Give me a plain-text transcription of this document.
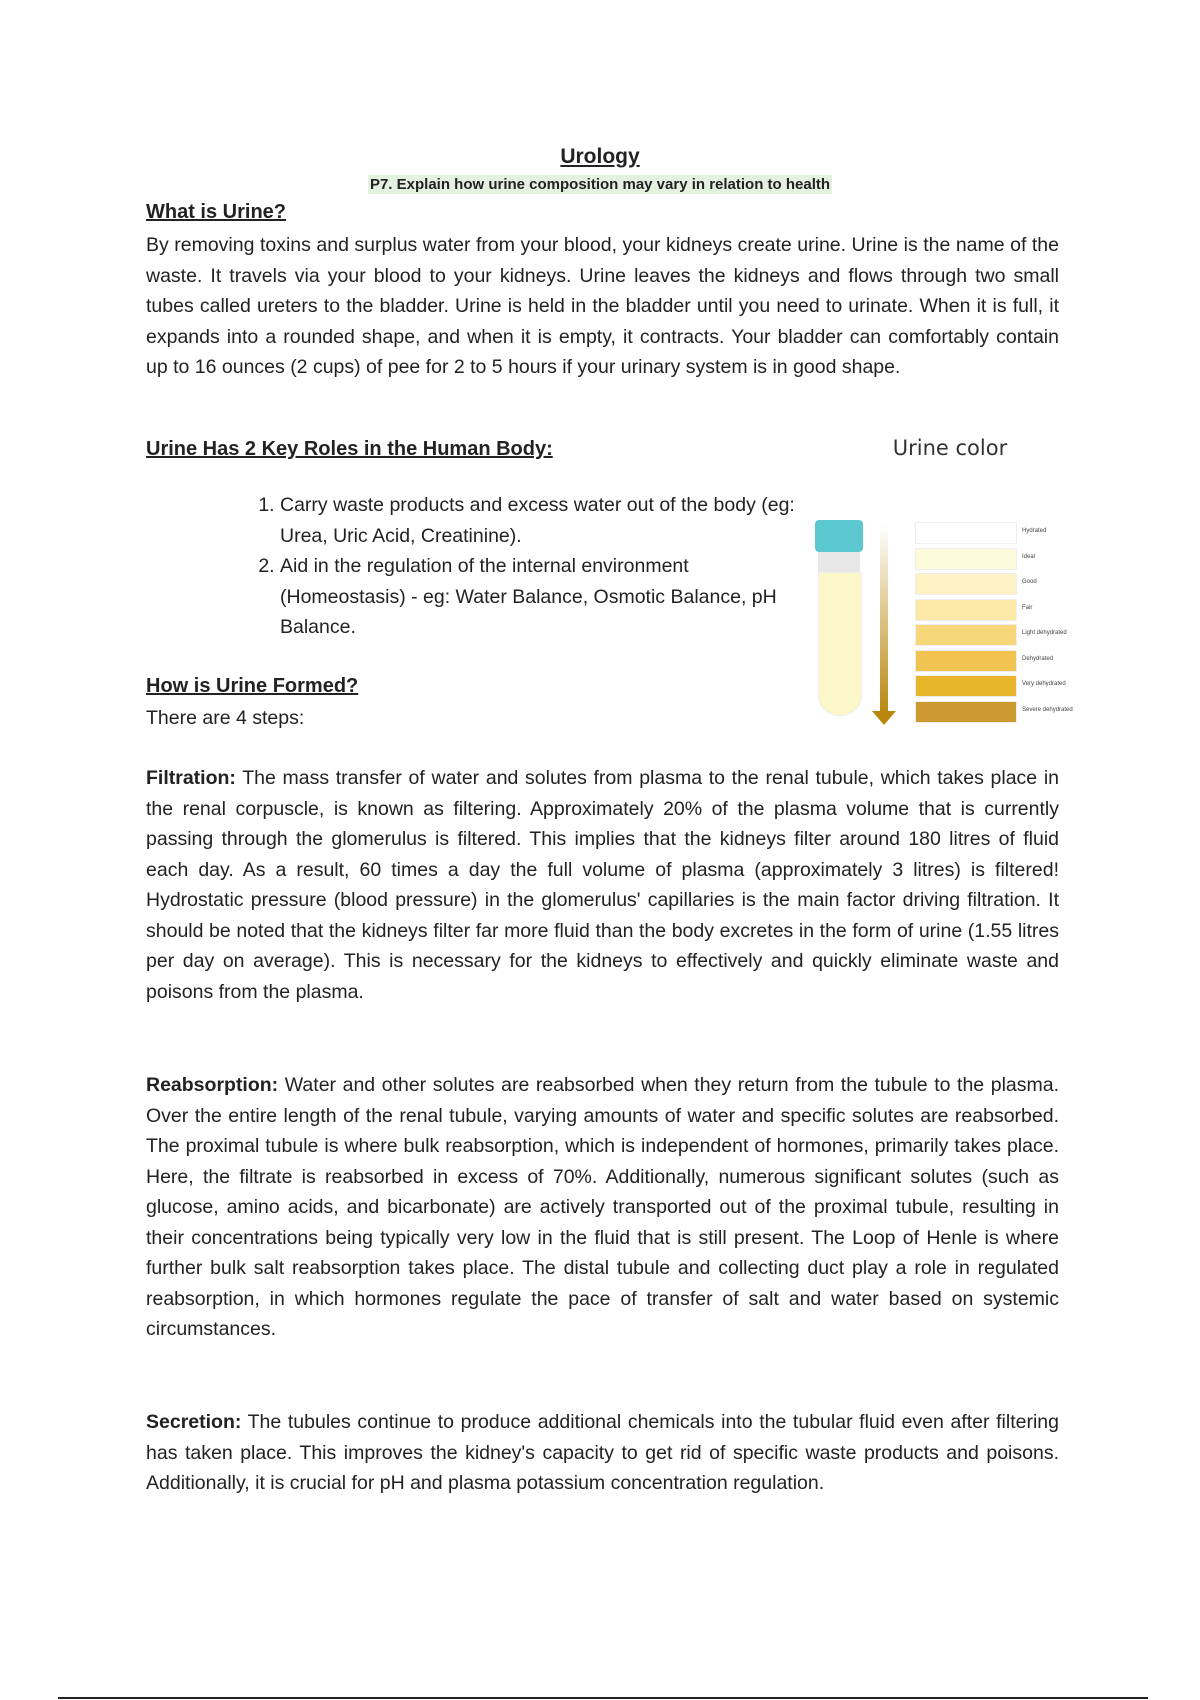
Urology
P7. Explain how urine composition may vary in relation to health
What is Urine?
By removing toxins and surplus water from your blood, your kidneys create urine. Urine is the name of the waste. It travels via your blood to your kidneys. Urine leaves the kidneys and flows through two small tubes called ureters to the bladder. Urine is held in the bladder until you need to urinate. When it is full, it expands into a rounded shape, and when it is empty, it contracts. Your bladder can comfortably contain up to 16 ounces (2 cups) of pee for 2 to 5 hours if your urinary system is in good shape.
Urine Has 2 Key Roles in the Human Body:
1. Carry waste products and excess water out of the body (eg: Urea, Uric Acid, Creatinine).
2. Aid in the regulation of the internal environment (Homeostasis) - eg: Water Balance, Osmotic Balance, pH Balance.
Urine color
Hydrated
Ideal
Good
Fair
Light dehydrated
Dehydrated
Very dehydrated
Severe dehydrated
How is Urine Formed?
There are 4 steps:
Filtration: The mass transfer of water and solutes from plasma to the renal tubule, which takes place in the renal corpuscle, is known as filtering. Approximately 20% of the plasma volume that is currently passing through the glomerulus is filtered. This implies that the kidneys filter around 180 litres of fluid each day. As a result, 60 times a day the full volume of plasma (approximately 3 litres) is filtered! Hydrostatic pressure (blood pressure) in the glomerulus' capillaries is the main factor driving filtration. It should be noted that the kidneys filter far more fluid than the body excretes in the form of urine (1.55 litres per day on average). This is necessary for the kidneys to effectively and quickly eliminate waste and poisons from the plasma.
Reabsorption: Water and other solutes are reabsorbed when they return from the tubule to the plasma. Over the entire length of the renal tubule, varying amounts of water and specific solutes are reabsorbed. The proximal tubule is where bulk reabsorption, which is independent of hormones, primarily takes place. Here, the filtrate is reabsorbed in excess of 70%. Additionally, numerous significant solutes (such as glucose, amino acids, and bicarbonate) are actively transported out of the proximal tubule, resulting in their concentrations being typically very low in the fluid that is still present. The Loop of Henle is where further bulk salt reabsorption takes place. The distal tubule and collecting duct play a role in regulated reabsorption, in which hormones regulate the pace of transfer of salt and water based on systemic circumstances.
Secretion: The tubules continue to produce additional chemicals into the tubular fluid even after filtering has taken place. This improves the kidney's capacity to get rid of specific waste products and poisons. Additionally, it is crucial for pH and plasma potassium concentration regulation.
